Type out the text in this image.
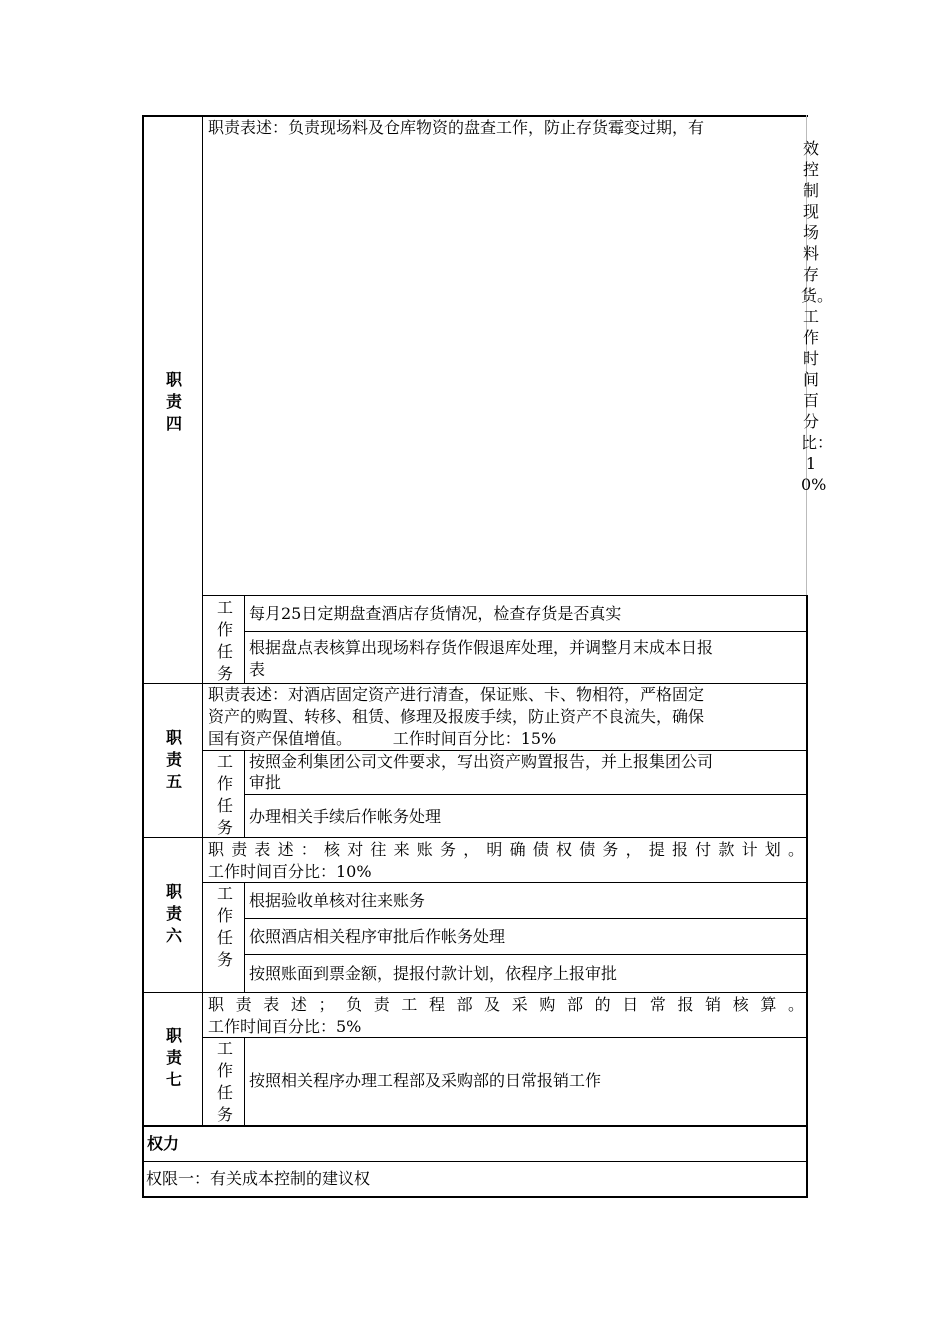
职责四
职责表述：负责现场料及仓库物资的盘查工作，防止存货霉变过期，有
效控制现场料存货。 工作时间百分比：10%
工作任务
每月25日定期盘查酒店存货情况，检查存货是否真实
根据盘点表核算出现场料存货作假退库处理，并调整月末成本日报
表
职责五
职责表述：对酒店固定资产进行清查，保证账、卡、物相符，严格固定
资产的购置、转移、租赁、修理及报废手续，防止资产不良流失，确保
国有资产保值增值。        工作时间百分比：15%
工作任务
按照金利集团公司文件要求，写出资产购置报告，并上报集团公司
审批
办理相关手续后作帐务处理
职责六
职责表述：核对往来账务，明确债权债务，提报付款计划。
工作时间百分比：10%
工作任务
根据验收单核对往来账务
依照酒店相关程序审批后作帐务处理
按照账面到票金额，提报付款计划，依程序上报审批
职责七
职责表述；负责工程部及采购部的日常报销核算。
工作时间百分比：5%
工作任务
按照相关程序办理工程部及采购部的日常报销工作
权力
权限一：有关成本控制的建议权
